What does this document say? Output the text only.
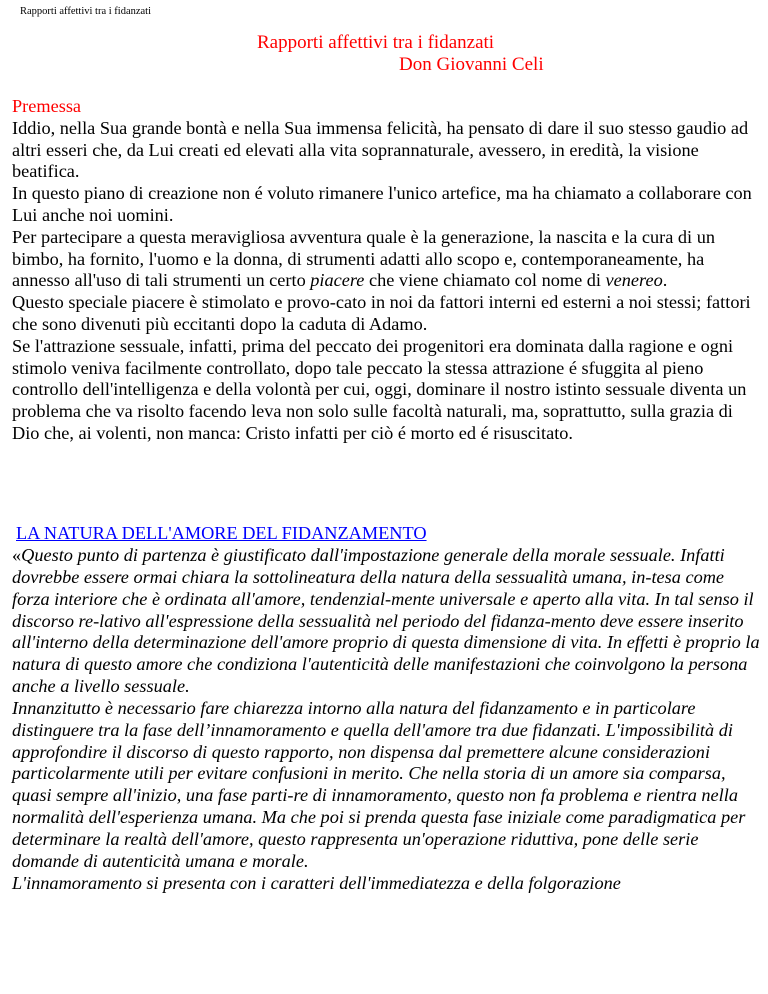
Rapporti affettivi tra i fidanzati
Rapporti affettivi tra i fidanzati
Don Giovanni Celi
Premessa

Iddio, nella Sua grande bontà e nella Sua immensa felicità, ha pensato di dare il suo stesso gaudio ad altri esseri che, da Lui creati ed elevati alla vita soprannaturale, avessero, in eredità, la visione beatifica.

In questo piano di creazione non é voluto rimanere l'unico artefice, ma ha chiamato a collaborare con Lui anche noi uomini.

Per partecipare a questa meravigliosa avventura quale è la generazione, la nascita e la cura di un bimbo, ha fornito, l'uomo e la donna, di strumenti adatti allo scopo e, contemporaneamente, ha annesso all'uso di tali strumenti un certo piacere che viene chiamato col nome di venereo.

Questo speciale piacere è stimolato e provo-cato in noi da fattori interni ed esterni a noi stessi; fattori che sono divenuti più eccitanti dopo la caduta di Adamo.

Se l'attrazione sessuale, infatti, prima del peccato dei progenitori era dominata dalla ragione e ogni stimolo veniva facilmente controllato, dopo tale peccato la stessa attrazione é sfuggita al pieno controllo dell'intelligenza e della volontà per cui, oggi, dominare il nostro istinto sessuale diventa un problema che va risolto facendo leva non solo sulle facoltà naturali, ma, soprattutto, sulla grazia di Dio che, ai volenti, non manca: Cristo infatti per ciò é morto ed é risuscitato.

LA NATURA DELL'AMORE DEL FIDANZAMENTO

«Questo punto di partenza è giustificato dall'impostazione generale della morale sessuale. Infatti dovrebbe essere ormai chiara la sottolineatura della natura della sessualità umana, in-tesa come forza interiore che è ordinata all'amore, tendenzial-mente universale e aperto alla vita. In tal senso il discorso re-lativo all'espressione della sessualità nel periodo del fidanza-mento deve essere inserito all'interno della determinazione dell'amore proprio di questa dimensione di vita. In effetti è proprio la natura di questo amore che condiziona l'autenticità delle manifestazioni che coinvolgono la persona anche a livello sessuale.

Innanzitutto è necessario fare chiarezza intorno alla natura del fidanzamento e in particolare distinguere tra la fase dell’innamoramento e quella dell'amore tra due fidanzati. L'impossibilità di approfondire il discorso di questo rapporto, non dispensa dal premettere alcune considerazioni particolarmente utili per evitare confusioni in merito. Che nella storia di un amore sia comparsa, quasi sempre all'inizio, una fase parti-re di innamoramento, questo non fa problema e rientra nella normalità dell'esperienza umana. Ma che poi si prenda questa fase iniziale come paradigmatica per determinare la realtà dell'amore, questo rappresenta un'operazione riduttiva, pone delle serie domande di autenticità umana e morale.

L'innamoramento si presenta con i caratteri dell'immediatezza e della folgorazione
